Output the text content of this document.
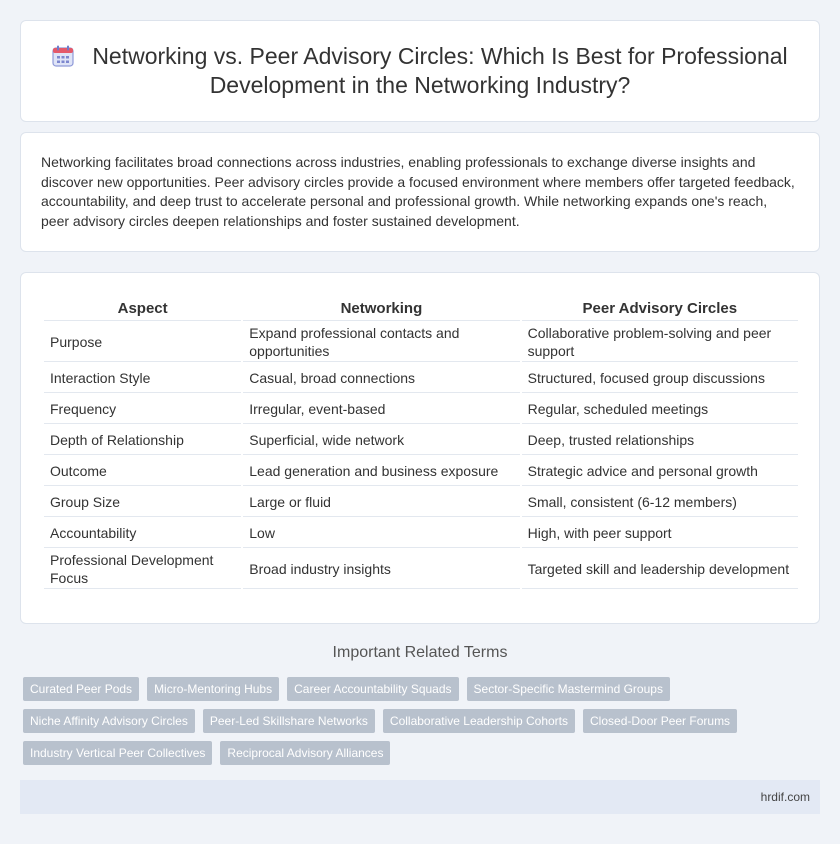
Networking vs. Peer Advisory Circles: Which Is Best for Professional Development in the Networking Industry?

Networking facilitates broad connections across industries, enabling professionals to exchange diverse insights and discover new opportunities. Peer advisory circles provide a focused environment where members offer targeted feedback, accountability, and deep trust to accelerate personal and professional growth. While networking expands one's reach, peer advisory circles deepen relationships and foster sustained development.

Aspect	Networking	Peer Advisory Circles
Purpose	Expand professional contacts and opportunities	Collaborative problem-solving and peer support
Interaction Style	Casual, broad connections	Structured, focused group discussions
Frequency	Irregular, event-based	Regular, scheduled meetings
Depth of Relationship	Superficial, wide network	Deep, trusted relationships
Outcome	Lead generation and business exposure	Strategic advice and personal growth
Group Size	Large or fluid	Small, consistent (6-12 members)
Accountability	Low	High, with peer support
Professional Development Focus	Broad industry insights	Targeted skill and leadership development
Important Related Terms
Curated Peer Pods	Micro-Mentoring Hubs	Career Accountability Squads	Sector-Specific Mastermind Groups
Niche Affinity Advisory Circles	Peer-Led Skillshare Networks	Collaborative Leadership Cohorts	Closed-Door Peer Forums
Industry Vertical Peer Collectives	Reciprocal Advisory Alliances
hrdif.com
